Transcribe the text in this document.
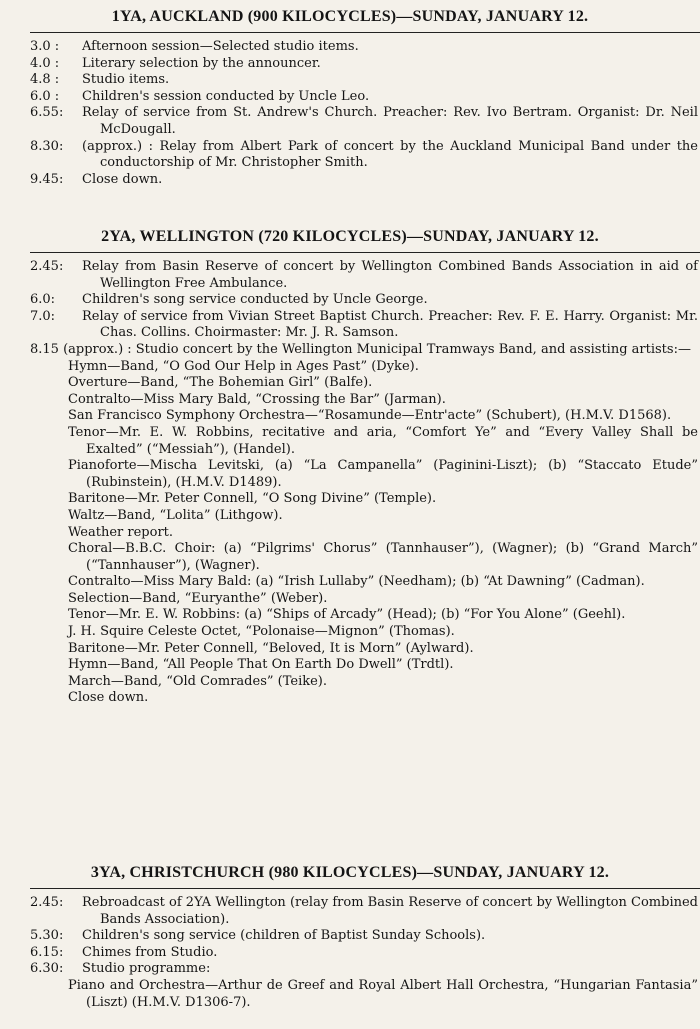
1YA, AUCKLAND (900 KILOCYCLES)—SUNDAY, JANUARY 12.
3.0 : Afternoon session—Selected studio items.
4.0 : Literary selection by the announcer.
4.8 : Studio items.
6.0 : Children's session conducted by Uncle Leo.
6.55: Relay of service from St. Andrew's Church. Preacher: Rev. Ivo Bertram. Organist: Dr. Neil McDougall.
8.30: (approx.) : Relay from Albert Park of concert by the Auckland Municipal Band under the conductorship of Mr. Christopher Smith.
9.45: Close down.
2YA, WELLINGTON (720 KILOCYCLES)—SUNDAY, JANUARY 12.
2.45: Relay from Basin Reserve of concert by Wellington Combined Bands Association in aid of Wellington Free Ambulance.
6.0: Children's song service conducted by Uncle George.
7.0: Relay of service from Vivian Street Baptist Church. Preacher: Rev. F. E. Harry. Organist: Mr. Chas. Collins. Choirmaster: Mr. J. R. Samson.
8.15 (approx.) : Studio concert by the Wellington Municipal Tramways Band, and assisting artists:—
Hymn—Band, “O God Our Help in Ages Past” (Dyke).
Overture—Band, “The Bohemian Girl” (Balfe).
Contralto—Miss Mary Bald, “Crossing the Bar” (Jarman).
San Francisco Symphony Orchestra—“Rosamunde—Entr'acte” (Schubert), (H.M.V. D1568).
Tenor—Mr. E. W. Robbins, recitative and aria, “Comfort Ye” and “Every Valley Shall be Exalted” (“Messiah”), (Handel).
Pianoforte—Mischa Levitski, (a) “La Campanella” (Paginini-Liszt); (b) “Staccato Etude” (Rubinstein), (H.M.V. D1489).
Baritone—Mr. Peter Connell, “O Song Divine” (Temple).
Waltz—Band, “Lolita” (Lithgow).
Weather report.
Choral—B.B.C. Choir: (a) “Pilgrims' Chorus” (Tannhauser”), (Wagner); (b) “Grand March” (“Tannhauser”), (Wagner).
Contralto—Miss Mary Bald: (a) “Irish Lullaby” (Needham); (b) “At Dawning” (Cadman).
Selection—Band, “Euryanthe” (Weber).
Tenor—Mr. E. W. Robbins: (a) “Ships of Arcady” (Head); (b) “For You Alone” (Geehl).
J. H. Squire Celeste Octet, “Polonaise—Mignon” (Thomas).
Baritone—Mr. Peter Connell, “Beloved, It is Morn” (Aylward).
Hymn—Band, “All People That On Earth Do Dwell” (Trdtl).
March—Band, “Old Comrades” (Teike).
Close down.
3YA, CHRISTCHURCH (980 KILOCYCLES)—SUNDAY, JANUARY 12.
2.45: Rebroadcast of 2YA Wellington (relay from Basin Reserve of concert by Wellington Combined Bands Association).
5.30: Children's song service (children of Baptist Sunday Schools).
6.15: Chimes from Studio.
6.30: Studio programme:
Piano and Orchestra—Arthur de Greef and Royal Albert Hall Orchestra, “Hungarian Fantasia” (Liszt) (H.M.V. D1306-7).
